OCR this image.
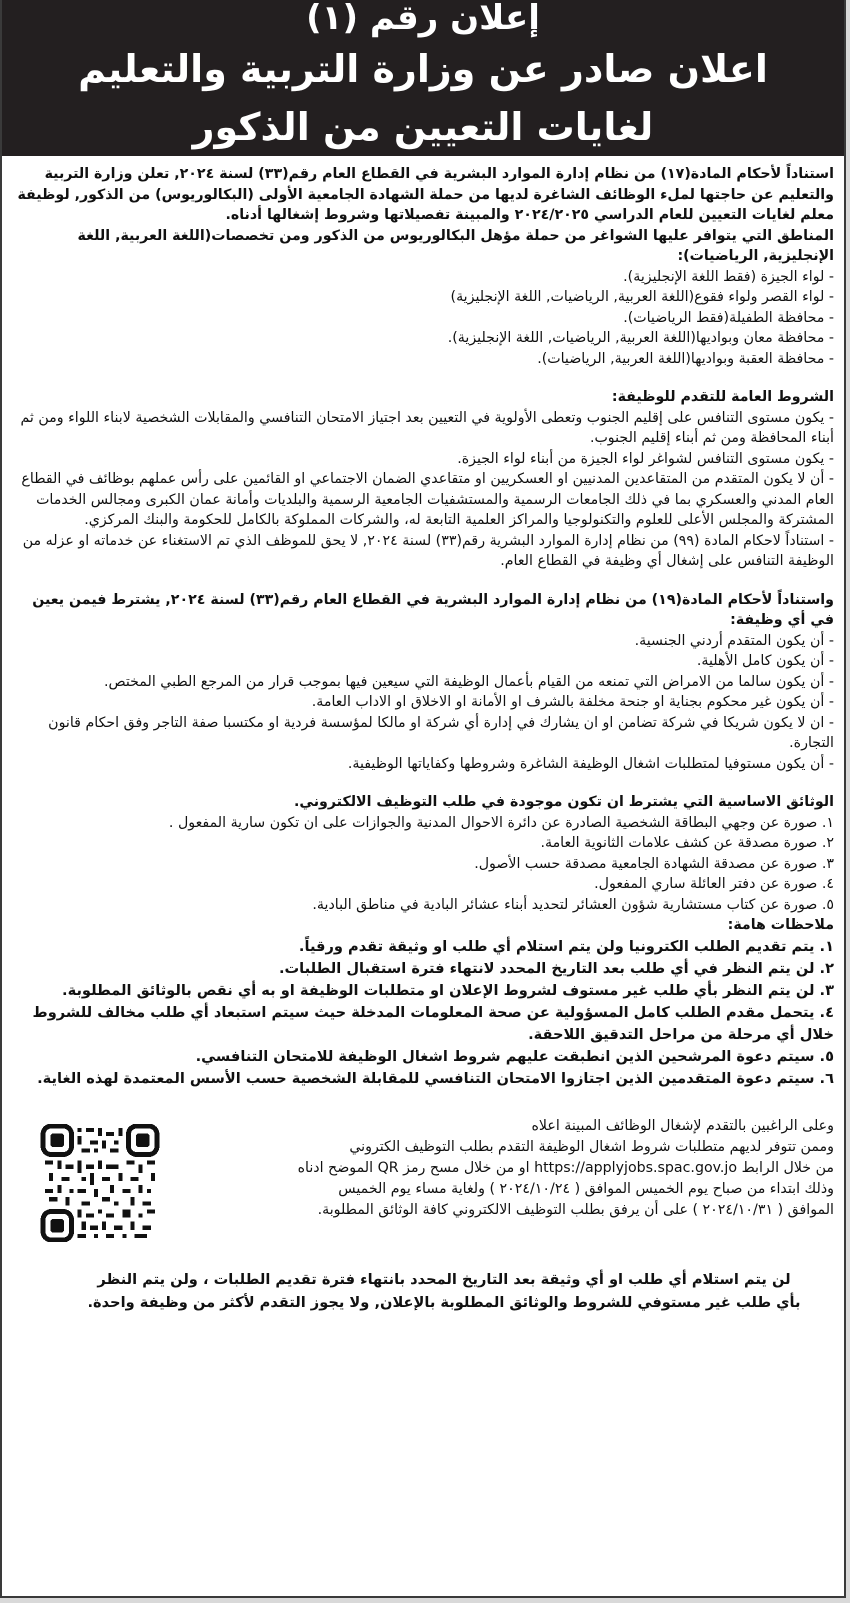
إعلان رقم (١)
اعلان صادر عن وزارة التربية والتعليم
لغايات التعيين من الذكور

استناداً لأحكام المادة(١٧) من نظام إدارة الموارد البشرية في القطاع العام رقم(٣٣) لسنة ٢٠٢٤, تعلن وزارة التربية والتعليم عن حاجتها لملء الوظائف الشاغرة لديها من حملة الشهادة الجامعية الأولى (البكالوريوس) من الذكور, لوظيفة معلم لغايات التعيين للعام الدراسي ٢٠٢٤/٢٠٢٥ والمبينة تفصيلاتها وشروط إشغالها أدناه.

المناطق التي يتوافر عليها الشواغر من حملة مؤهل البكالوريوس من الذكور ومن تخصصات(اللغة العربية, اللغة الإنجليزية, الرياضيات):

- لواء الجيزة (فقط اللغة الإنجليزية).

- لواء القصر ولواء فقوع(اللغة العربية, الرياضيات, اللغة الإنجليزية)

- محافظة الطفيلة(فقط الرياضيات).

- محافظة معان وبواديها(اللغة العربية, الرياضيات, اللغة الإنجليزية).

- محافظة العقبة وبواديها(اللغة العربية, الرياضيات).

الشروط العامة للتقدم للوظيفة:

- يكون مستوى التنافس على إقليم الجنوب وتعطى الأولوية في التعيين بعد اجتياز الامتحان التنافسي والمقابلات الشخصية لابناء اللواء ومن ثم أبناء المحافظة ومن ثم أبناء إقليم الجنوب.

- يكون مستوى التنافس لشواغر لواء الجيزة من أبناء لواء الجيزة.

- أن لا يكون المتقدم من المتقاعدين المدنيين او العسكريين او متقاعدي الضمان الاجتماعي او القائمين على رأس عملهم بوظائف في القطاع العام المدني والعسكري بما في ذلك الجامعات الرسمية والمستشفيات الجامعية الرسمية والبلديات وأمانة عمان الكبرى ومجالس الخدمات المشتركة والمجلس الأعلى للعلوم والتكنولوجيا والمراكز العلمية التابعة له، والشركات المملوكة بالكامل للحكومة والبنك المركزي.

- استناداً لاحكام المادة (٩٩) من نظام إدارة الموارد البشرية رقم(٣٣) لسنة ٢٠٢٤, لا يحق للموظف الذي تم الاستغناء عن خدماته او عزله من الوظيفة التنافس على إشغال أي وظيفة في القطاع العام.

واستناداً لأحكام المادة(١٩) من نظام إدارة الموارد البشرية في القطاع العام رقم(٣٣) لسنة ٢٠٢٤, يشترط فيمن يعين في أي وظيفة:

- أن يكون المتقدم أردني الجنسية.

- أن يكون كامل الأهلية.

- أن يكون سالما من الامراض التي تمنعه من القيام بأعمال الوظيفة التي سيعين فيها بموجب قرار من المرجع الطبي المختص.

- أن يكون غير محكوم بجناية او جنحة مخلفة بالشرف او الأمانة او الاخلاق او الاداب العامة.

- ان لا يكون شريكا في شركة تضامن او ان يشارك في إدارة أي شركة او مالكا لمؤسسة فردية او مكتسبا صفة التاجر وفق احكام قانون التجارة.

- أن يكون مستوفيا لمتطلبات اشغال الوظيفة الشاغرة وشروطها وكفاياتها الوظيفية.

الوثائق الاساسية التي يشترط ان تكون موجودة في طلب التوظيف الالكتروني.

١. صورة عن وجهي البطاقة الشخصية الصادرة عن دائرة الاحوال المدنية والجوازات على ان تكون سارية المفعول .

٢. صورة مصدقة عن كشف علامات الثانوية العامة.

٣. صورة عن مصدقة الشهادة الجامعية مصدقة حسب الأصول.

٤. صورة عن دفتر العائلة ساري المفعول.

٥. صورة عن كتاب مستشارية شؤون العشائر لتحديد أبناء عشائر البادية في مناطق البادية.

ملاحظات هامة:

١. يتم تقديم الطلب الكترونيا ولن يتم استلام أي طلب او وثيقة تقدم ورقياً.

٢. لن يتم النظر في أي طلب بعد التاريخ المحدد لانتهاء فترة استقبال الطلبات.

٣. لن يتم النظر بأي طلب غير مستوف لشروط الإعلان او متطلبات الوظيفة او به أي نقص بالوثائق المطلوبة.

٤. يتحمل مقدم الطلب كامل المسؤولية عن صحة المعلومات المدخلة حيث سيتم استبعاد أي طلب مخالف للشروط خلال أي مرحلة من مراحل التدقيق اللاحقة.

٥. سيتم دعوة المرشحين الذين انطبقت عليهم شروط اشغال الوظيفة للامتحان التنافسي.

٦. سيتم دعوة المتقدمين الذين اجتازوا الامتحان التنافسي للمقابلة الشخصية حسب الأسس المعتمدة لهذه الغاية.

وعلى الراغبين بالتقدم لإشغال الوظائف المبينة اعلاه

وممن تتوفر لديهم متطلبات شروط اشغال الوظيفة التقدم بطلب التوظيف الكتروني

من خلال الرابط https://applyjobs.spac.gov.jo او من خلال مسح رمز QR الموضح ادناه

وذلك ابتداء من صباح يوم الخميس الموافق ( ٢٠٢٤/١٠/٢٤ ) ولغاية مساء يوم الخميس

الموافق ( ٢٠٢٤/١٠/٣١ ) على أن يرفق بطلب التوظيف الالكتروني كافة الوثائق المطلوبة.

لن يتم استلام أي طلب او أي وثيقة بعد التاريخ المحدد بانتهاء فترة تقديم الطلبات ، ولن يتم النظر

بأي طلب غير مستوفي للشروط والوثائق المطلوبة بالإعلان, ولا يجوز التقدم لأكثر من وظيفة واحدة.
